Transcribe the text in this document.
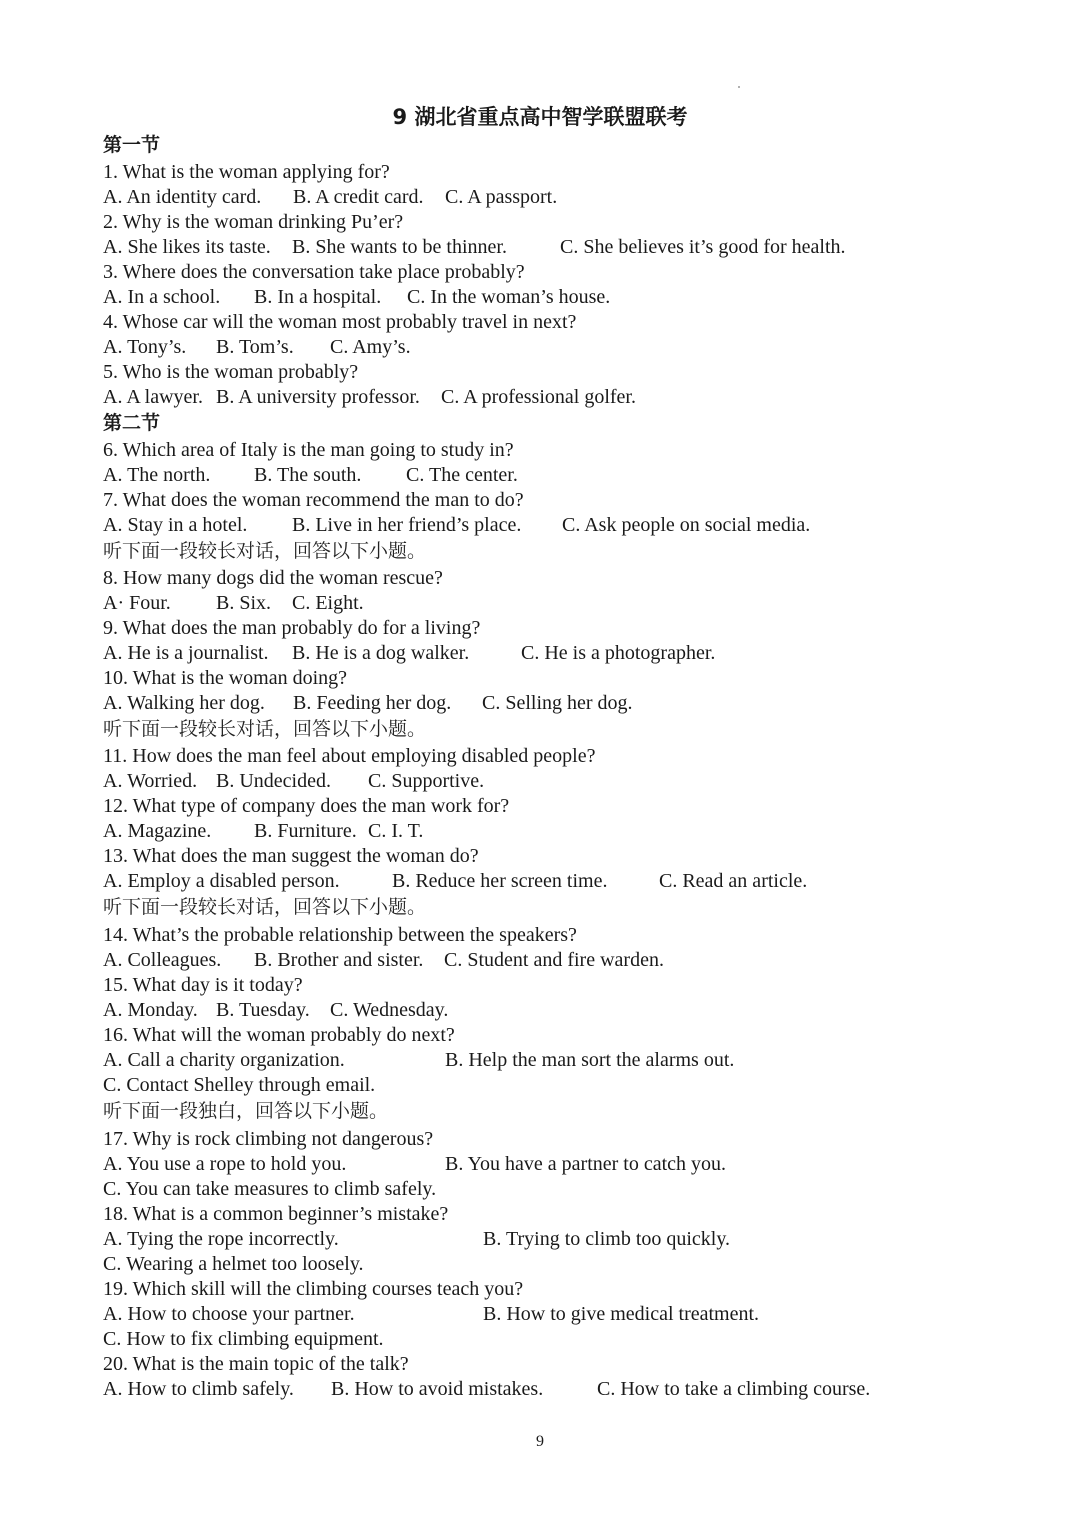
9 湖北省重点高中智学联盟联考
第一节
1. What is the woman applying for?

A. An identity card.

B. A credit card.

C. A passport.

2. Why is the woman drinking Pu’er?

A. She likes its taste.

B. She wants to be thinner.

	C. She believes it’s good for health.

3. Where does the conversation take place probably?

A. In a school.

B. In a hospital.

C. In the woman’s house.

4. Whose car will the woman most probably travel in next?

A. Tony’s.

B. Tom’s.

C. Amy’s.

5. Who is the woman probably?

A. A lawyer.

B. A university professor.

C. A professional golfer.

第二节
6. Which area of Italy is the man going to study in?

A. The north.

B. The south.

C. The center.

7. What does the woman recommend the man to do?

A. Stay in a hotel.

B. Live in her friend’s place.

C. Ask people on social media.

听下面一段较长对话，回答以下小题。
8. How many dogs did the woman rescue?

A· Four.

B. Six.

C. Eight.

9. What does the man probably do for a living?

A. He is a journalist.

B. He is a dog walker.

	C. He is a photographer.

10. What is the woman doing?

A. Walking her dog.

B. Feeding her dog.

C. Selling her dog.

听下面一段较长对话，回答以下小题。
11. How does the man feel about employing disabled people?

A. Worried.

B. Undecided.

C. Supportive.

12. What type of company does the man work for?

A. Magazine.

B. Furniture.

C. I. T.

13. What does the man suggest the woman do?

A. Employ a disabled person.

	B. Reduce her screen time.

	C. Read an article.

听下面一段较长对话，回答以下小题。
14. What’s the probable relationship between the speakers?

A. Colleagues.

B. Brother and sister.

C. Student and fire warden.

15. What day is it today?

A. Monday.

B. Tuesday.

C. Wednesday.

16. What will the woman probably do next?

A. Call a charity organization.

	B. Help the man sort the alarms out.

C. Contact Shelley through email.

听下面一段独白，回答以下小题。
17. Why is rock climbing not dangerous?

A. You use a rope to hold you.

	B. You have a partner to catch you.

C. You can take measures to climb safely.

18. What is a common beginner’s mistake?

A. Tying the rope incorrectly.

	B. Trying to climb too quickly.

C. Wearing a helmet too loosely.

19. Which skill will the climbing courses teach you?

A. How to choose your partner.

	B. How to give medical treatment.

C. How to fix climbing equipment.

20. What is the main topic of the talk?

A. How to climb safely.

B. How to avoid mistakes.

	C. How to take a climbing course.

9
